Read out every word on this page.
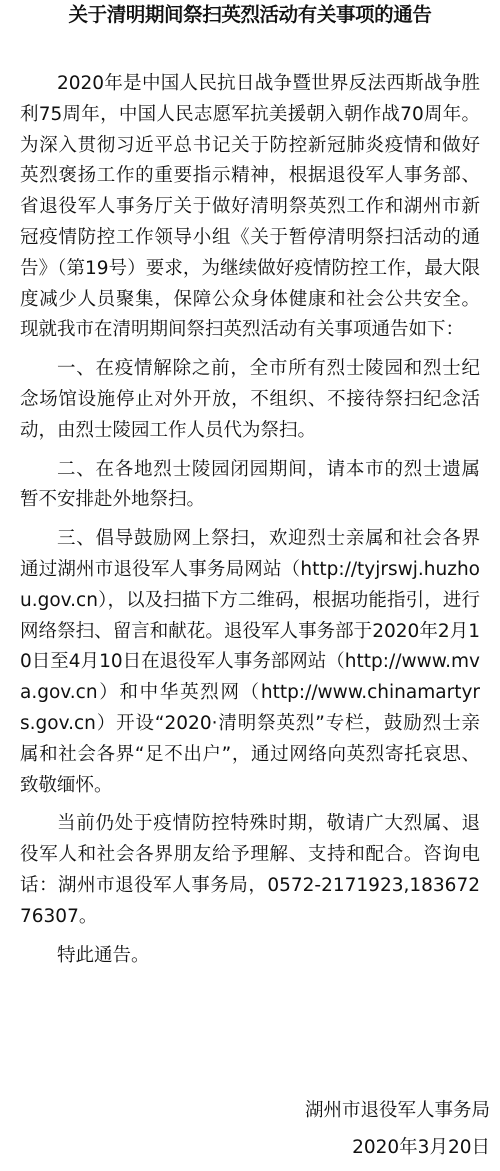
关于清明期间祭扫英烈活动有关事项的通告

2020年是中国人民抗日战争暨世界反法西斯战争胜利75周年，中国人民志愿军抗美援朝入朝作战70周年。为深入贯彻习近平总书记关于防控新冠肺炎疫情和做好英烈褒扬工作的重要指示精神，根据退役军人事务部、省退役军人事务厅关于做好清明祭英烈工作和湖州市新冠疫情防控工作领导小组《关于暂停清明祭扫活动的通告》（第19号）要求，为继续做好疫情防控工作，最大限度减少人员聚集，保障公众身体健康和社会公共安全。现就我市在清明期间祭扫英烈活动有关事项通告如下：

一、在疫情解除之前，全市所有烈士陵园和烈士纪念场馆设施停止对外开放，不组织、不接待祭扫纪念活动，由烈士陵园工作人员代为祭扫。

二、在各地烈士陵园闭园期间，请本市的烈士遗属暂不安排赴外地祭扫。

三、倡导鼓励网上祭扫，欢迎烈士亲属和社会各界通过湖州市退役军人事务局网站（http://tyjrswj.huzhou.gov.cn），以及扫描下方二维码，根据功能指引，进行网络祭扫、留言和献花。退役军人事务部于2020年2月10日至4月10日在退役军人事务部网站（http://www.mva.gov.cn）和中华英烈网（http://www.chinamartyrs.gov.cn）开设“2020·清明祭英烈”专栏，鼓励烈士亲属和社会各界“足不出户”，通过网络向英烈寄托哀思、致敬缅怀。

当前仍处于疫情防控特殊时期，敬请广大烈属、退役军人和社会各界朋友给予理解、支持和配合。咨询电话：湖州市退役军人事务局，0572-2171923,18367276307。

特此通告。

湖州市退役军人事务局
2020年3月20日
